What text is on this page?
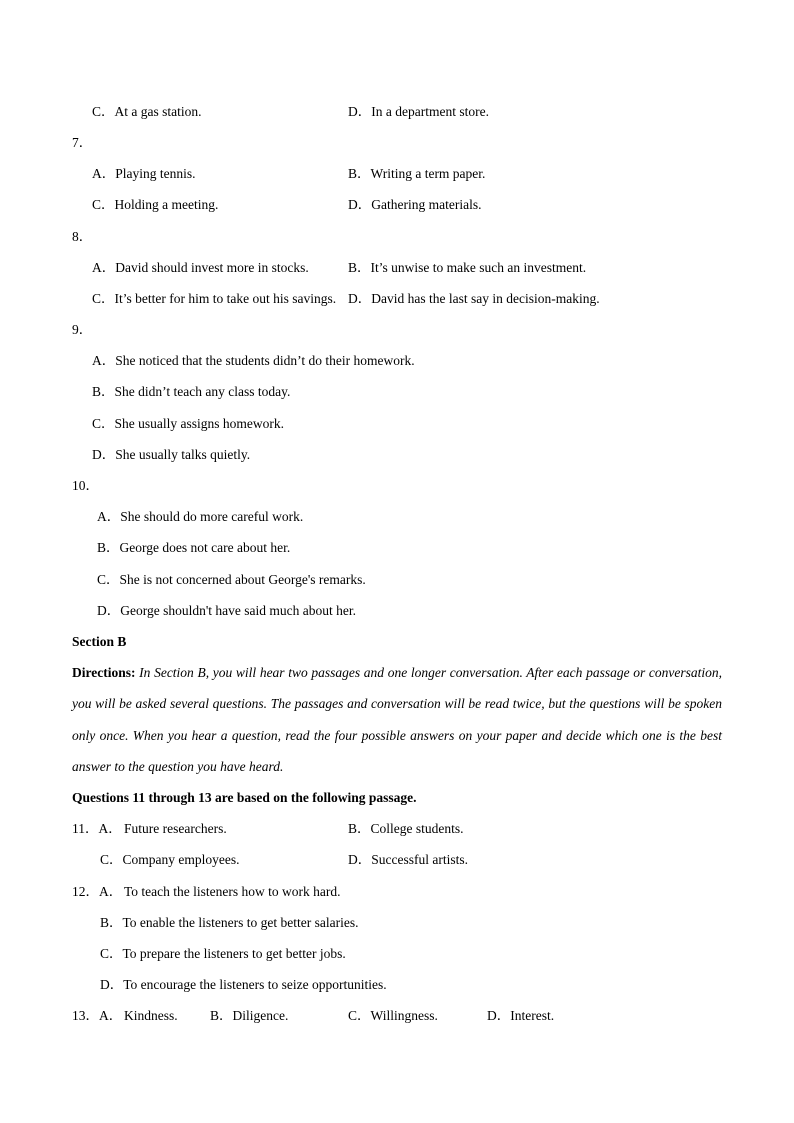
C．At a gas station.	D．In a department store.
7．
A．Playing tennis.	B．Writing a term paper.
C．Holding a meeting.	D．Gathering materials.
8．
A．David should invest more in stocks.	B．It’s unwise to make such an investment.
C．It’s better for him to take out his savings. D．David has the last say in decision-making.
9．
A．She noticed that the students didn’t do their homework.
B．She didn’t teach any class today.
C．She usually assigns homework.
D．She usually talks quietly.
10．
A．She should do more careful work.
B．George does not care about her.
C．She is not concerned about George's remarks.
D．George shouldn't have said much about her.
Section B
Directions: In Section B, you will hear two passages and one longer conversation. After each passage or conversation, you will be asked several questions. The passages and conversation will be read twice, but the questions will be spoken only once. When you hear a question, read the four possible answers on your paper and decide which one is the best answer to the question you have heard.
Questions 11 through 13 are based on the following passage.
11．A． Future researchers.	B．College students.
C．Company employees.	D．Successful artists.
12．A． To teach the listeners how to work hard.
B．To enable the listeners to get better salaries.
C．To prepare the listeners to get better jobs.
D．To encourage the listeners to seize opportunities.
13．A． Kindness. B．Diligence.	C．Willingness.	D．Interest.
